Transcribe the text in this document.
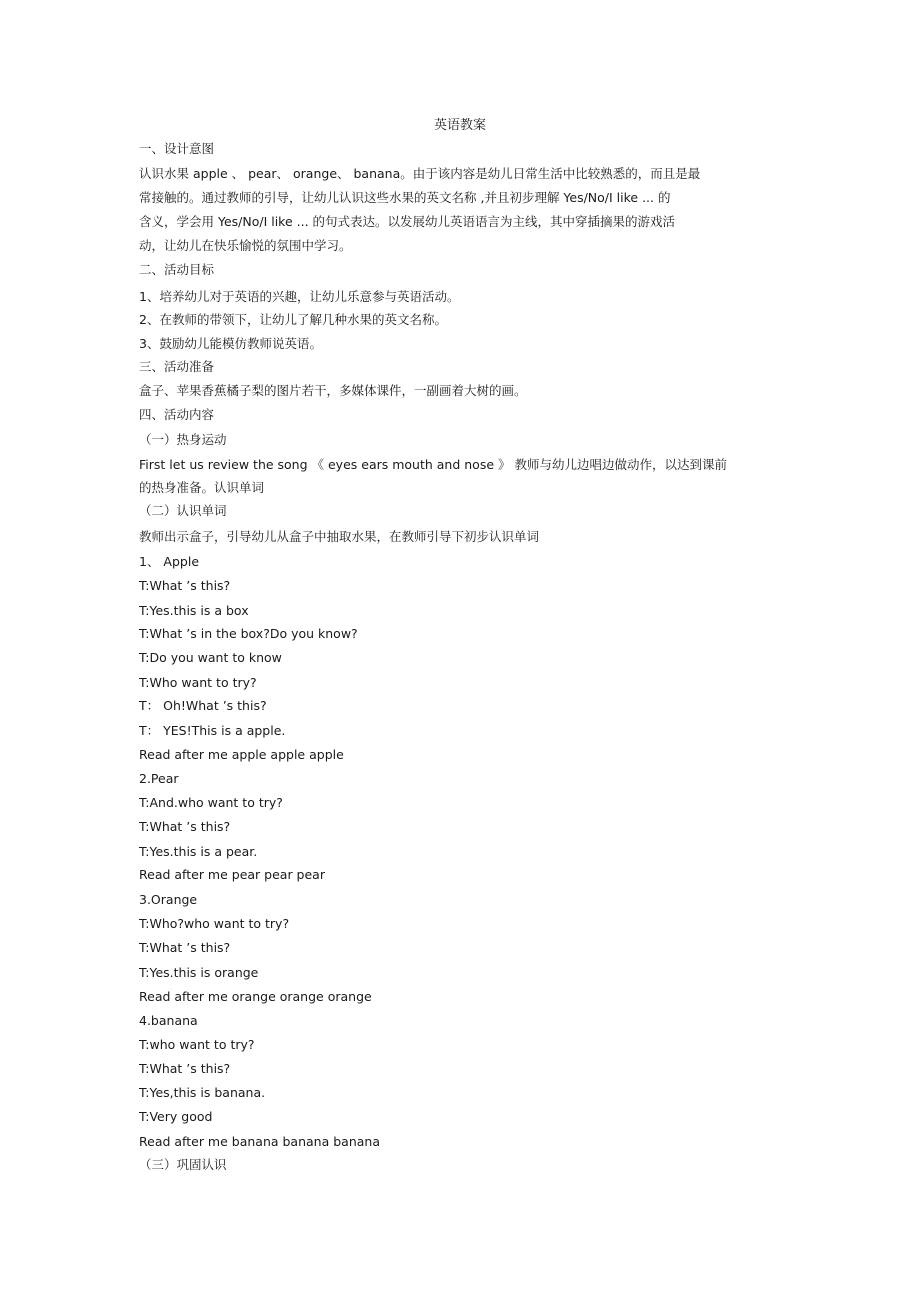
英语教案
一、设计意图
认识水果 apple 、 pear、 orange、 banana。由于该内容是幼儿日常生活中比较熟悉的，而且是最
常接触的。通过教师的引导，让幼儿认识这些水果的英文名称 ,并且初步理解 Yes/No/I like ... 的
含义，学会用 Yes/No/I like ... 的句式表达。以发展幼儿英语语言为主线，其中穿插摘果的游戏活
动，让幼儿在快乐愉悦的氛围中学习。
二、活动目标
1、培养幼儿对于英语的兴趣，让幼儿乐意参与英语活动。
2、在教师的带领下，让幼儿了解几种水果的英文名称。
3、鼓励幼儿能模仿教师说英语。
三、活动准备
盒子、苹果香蕉橘子梨的图片若干，多媒体课件，一副画着大树的画。
四、活动内容
（一）热身运动
First let us review the song 《 eyes ears mouth and nose 》 教师与幼儿边唱边做动作，以达到课前
的热身准备。认识单词
（二）认识单词
教师出示盒子，引导幼儿从盒子中抽取水果，在教师引导下初步认识单词
1、 Apple
T:What ’s this?
T:Yes.this is a box
T:What ’s in the box?Do you know?
T:Do you want to know
T:Who want to try?
T： Oh!What ’s this?
T： YES!This is a apple.
Read after me apple apple apple
2.Pear
T:And.who want to try?
T:What ’s this?
T:Yes.this is a pear.
Read after me pear pear pear
3.Orange
T:Who?who want to try?
T:What ’s this?
T:Yes.this is orange
Read after me orange orange orange
4.banana
T:who want to try?
T:What ’s this?
T:Yes,this is banana.
T:Very good
Read after me banana banana banana
（三）巩固认识
